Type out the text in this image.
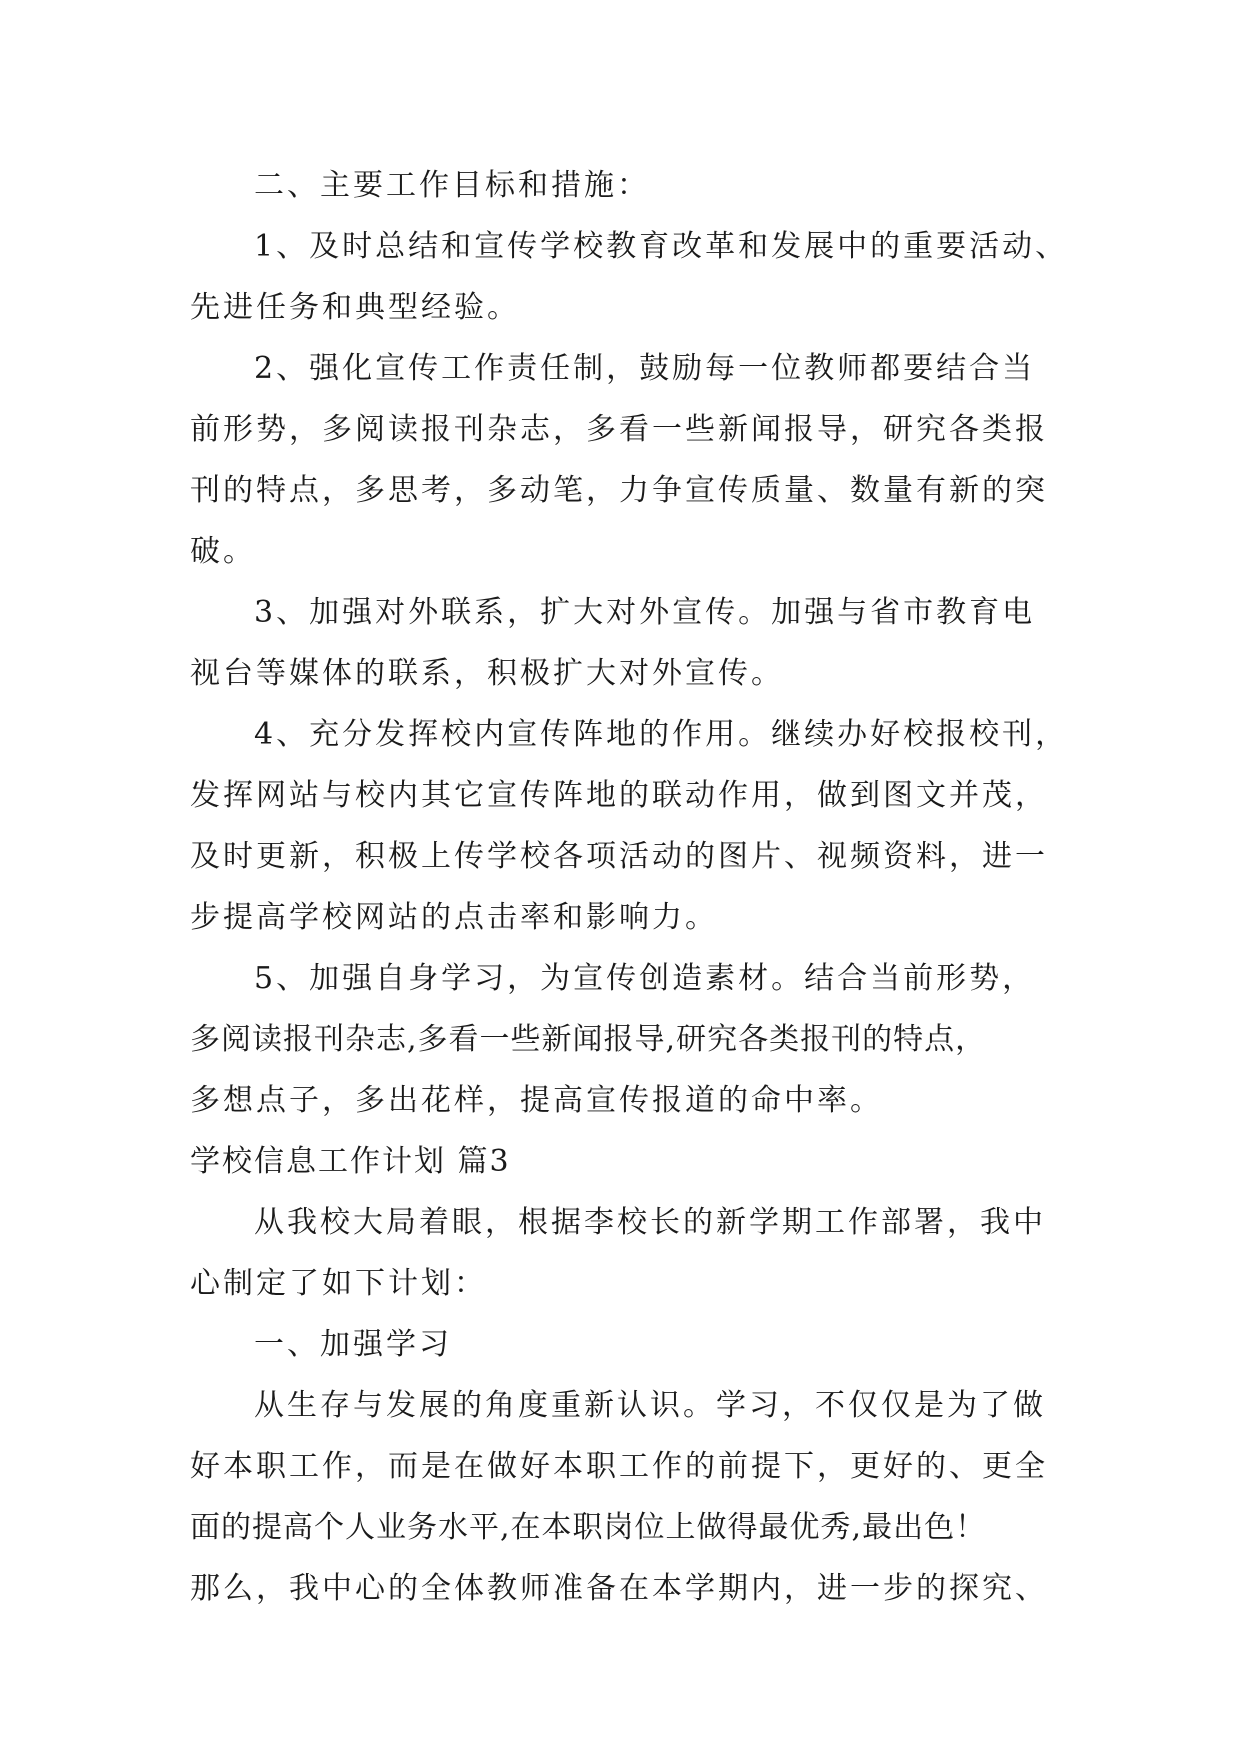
二、主要工作目标和措施：
1、及时总结和宣传学校教育改革和发展中的重要活动、
先进任务和典型经验。
2、强化宣传工作责任制，鼓励每一位教师都要结合当
前形势，多阅读报刊杂志，多看一些新闻报导，研究各类报
刊的特点，多思考，多动笔，力争宣传质量、数量有新的突
破。
3、加强对外联系，扩大对外宣传。加强与省市教育电
视台等媒体的联系，积极扩大对外宣传。
4、充分发挥校内宣传阵地的作用。继续办好校报校刊，
发挥网站与校内其它宣传阵地的联动作用，做到图文并茂，
及时更新，积极上传学校各项活动的图片、视频资料，进一
步提高学校网站的点击率和影响力。
5、加强自身学习，为宣传创造素材。结合当前形势，
多阅读报刊杂志,多看一些新闻报导,研究各类报刊的特点，
多想点子，多出花样，提高宣传报道的命中率。
学校信息工作计划 篇3
从我校大局着眼，根据李校长的新学期工作部署，我中
心制定了如下计划：
一、加强学习
从生存与发展的角度重新认识。学习，不仅仅是为了做
好本职工作，而是在做好本职工作的前提下，更好的、更全
面的提高个人业务水平,在本职岗位上做得最优秀,最出色！
那么，我中心的全体教师准备在本学期内，进一步的探究、
